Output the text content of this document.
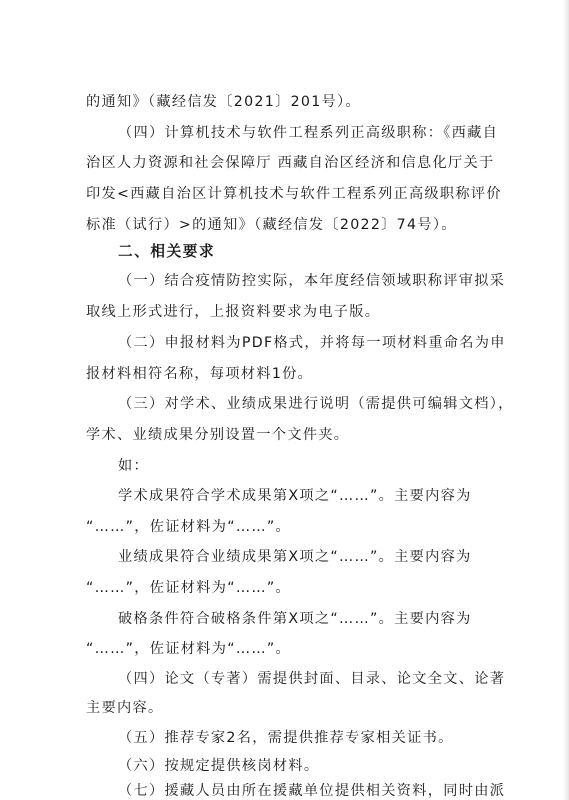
的通知》（藏经信发〔2021〕201号）。
（四）计算机技术与软件工程系列正高级职称：《西藏自
治区人力资源和社会保障厅 西藏自治区经济和信息化厅关于
印发<西藏自治区计算机技术与软件工程系列正高级职称评价
标准（试行）>的通知》（藏经信发〔2022〕74号）。
二、相关要求
（一）结合疫情防控实际，本年度经信领域职称评审拟采
取线上形式进行，上报资料要求为电子版。
（二）申报材料为PDF格式，并将每一项材料重命名为申
报材料相符名称，每项材料1份。
（三）对学术、业绩成果进行说明（需提供可编辑文档），
学术、业绩成果分别设置一个文件夹。
如：
学术成果符合学术成果第X项之“……”。主要内容为
“……”，佐证材料为“……”。
业绩成果符合业绩成果第X项之“……”。主要内容为
“……”，佐证材料为“……”。
破格条件符合破格条件第X项之“……”。主要内容为
“……”，佐证材料为“……”。
（四）论文（专著）需提供封面、目录、论文全文、论著
主要内容。
（五）推荐专家2名，需提供推荐专家相关证书。
（六）按规定提供核岗材料。
（七）援藏人员由所在援藏单位提供相关资料，同时由派
